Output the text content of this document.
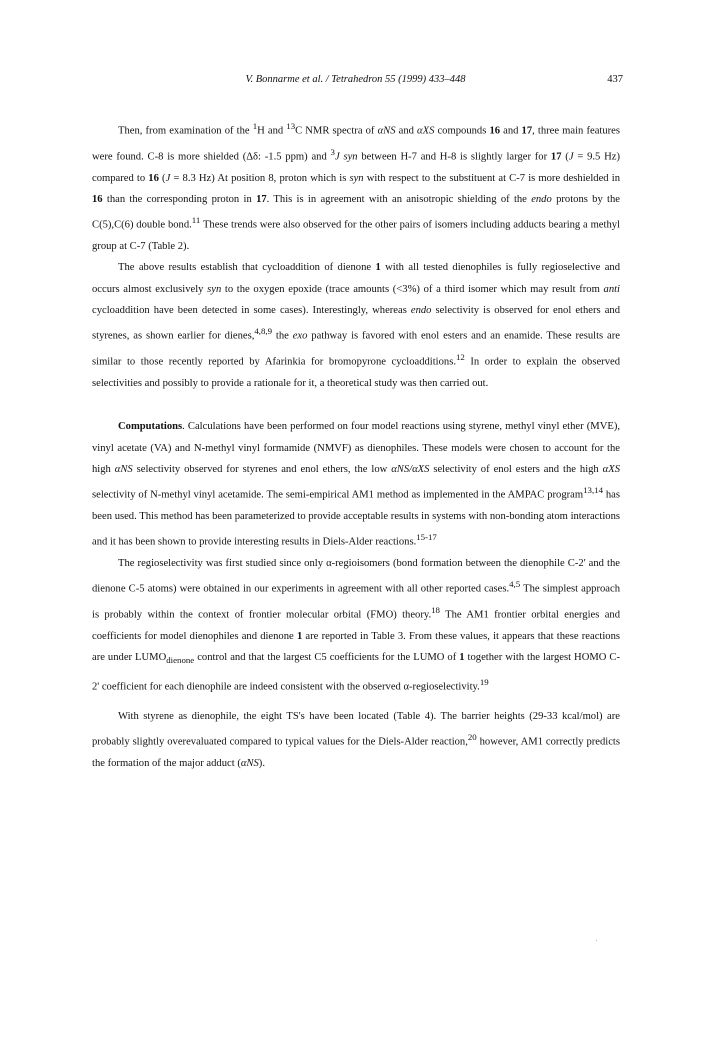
V. Bonnarme et al. / Tetrahedron 55 (1999) 433–448	437

Then, from examination of the $^1$H and $^{13}$C NMR spectra of αNS and αXS compounds 16 and 17, three main features were found. C-8 is more shielded (Δδ: -1.5 ppm) and $^3$J syn between H-7 and H-8 is slightly larger for 17 (J = 9.5 Hz) compared to 16 (J = 8.3 Hz) At position 8, proton which is syn with respect to the substituent at C-7 is more deshielded in 16 than the corresponding proton in 17. This is in agreement with an anisotropic shielding of the endo protons by the C(5),C(6) double bond.$^{11}$ These trends were also observed for the other pairs of isomers including adducts bearing a methyl group at C-7 (Table 2).

The above results establish that cycloaddition of dienone 1 with all tested dienophiles is fully regioselective and occurs almost exclusively syn to the oxygen epoxide (trace amounts (<3%) of a third isomer which may result from anti cycloaddition have been detected in some cases). Interestingly, whereas endo selectivity is observed for enol ethers and styrenes, as shown earlier for dienes,$^{4,8,9}$ the exo pathway is favored with enol esters and an enamide. These results are similar to those recently reported by Afarinkia for bromopyrone cycloadditions.$^{12}$ In order to explain the observed selectivities and possibly to provide a rationale for it, a theoretical study was then carried out.

Computations. Calculations have been performed on four model reactions using styrene, methyl vinyl ether (MVE), vinyl acetate (VA) and N-methyl vinyl formamide (NMVF) as dienophiles. These models were chosen to account for the high αNS selectivity observed for styrenes and enol ethers, the low αNS/αXS selectivity of enol esters and the high αXS selectivity of N-methyl vinyl acetamide. The semi-empirical AM1 method as implemented in the AMPAC program$^{13,14}$ has been used. This method has been parameterized to provide acceptable results in systems with non-bonding atom interactions and it has been shown to provide interesting results in Diels-Alder reactions.$^{15-17}$

The regioselectivity was first studied since only α-regioisomers (bond formation between the dienophile C-2' and the dienone C-5 atoms) were obtained in our experiments in agreement with all other reported cases.$^{4,5}$ The simplest approach is probably within the context of frontier molecular orbital (FMO) theory.$^{18}$ The AM1 frontier orbital energies and coefficients for model dienophiles and dienone 1 are reported in Table 3. From these values, it appears that these reactions are under $LUMO_{dienone}$ control and that the largest C5 coefficients for the LUMO of 1 together with the largest HOMO C-2' coefficient for each dienophile are indeed consistent with the observed α-regioselectivity.$^{19}$

With styrene as dienophile, the eight TS's have been located (Table 4). The barrier heights (29-33 kcal/mol) are probably slightly overevaluated compared to typical values for the Diels-Alder reaction,$^{20}$ however, AM1 correctly predicts the formation of the major adduct (αNS).
